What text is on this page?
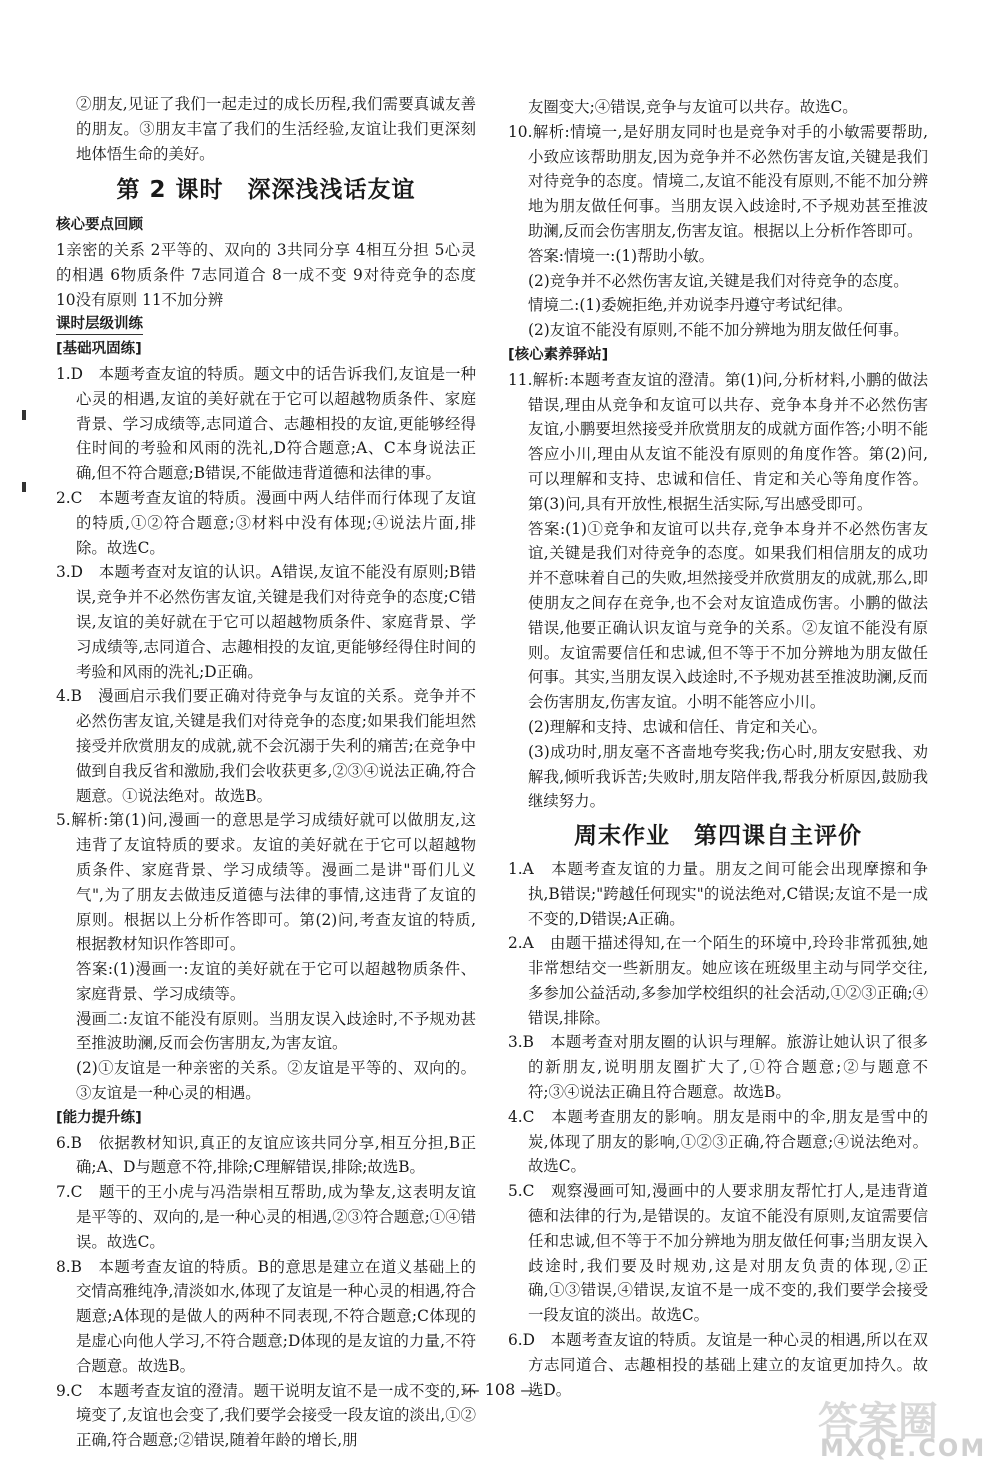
②朋友,见证了我们一起走过的成长历程,我们需要真诚友善的朋友。③朋友丰富了我们的生活经验,友谊让我们更深刻地体悟生命的美好。

第 2 课时　深深浅浅话友谊
核心要点回顾

1亲密的关系 2平等的、双向的 3共同分享 4相互分担 5心灵的相遇 6物质条件 7志同道合 8一成不变 9对待竞争的态度 10没有原则 11不加分辨

课时层级训练
[基础巩固练]

1.D　本题考查友谊的特质。题文中的话告诉我们,友谊是一种心灵的相遇,友谊的美好就在于它可以超越物质条件、家庭背景、学习成绩等,志同道合、志趣相投的友谊,更能够经得住时间的考验和风雨的洗礼,D符合题意;A、C本身说法正确,但不符合题意;B错误,不能做违背道德和法律的事。

2.C　本题考查友谊的特质。漫画中两人结伴而行体现了友谊的特质,①②符合题意;③材料中没有体现;④说法片面,排除。故选C。

3.D　本题考查对友谊的认识。A错误,友谊不能没有原则;B错误,竞争并不必然伤害友谊,关键是我们对待竞争的态度;C错误,友谊的美好就在于它可以超越物质条件、家庭背景、学习成绩等,志同道合、志趣相投的友谊,更能够经得住时间的考验和风雨的洗礼;D正确。

4.B　漫画启示我们要正确对待竞争与友谊的关系。竞争并不必然伤害友谊,关键是我们对待竞争的态度;如果我们能坦然接受并欣赏朋友的成就,就不会沉溺于失利的痛苦;在竞争中做到自我反省和激励,我们会收获更多,②③④说法正确,符合题意。①说法绝对。故选B。

5.解析:第(1)问,漫画一的意思是学习成绩好就可以做朋友,这违背了友谊特质的要求。友谊的美好就在于它可以超越物质条件、家庭背景、学习成绩等。漫画二是讲"哥们儿义气",为了朋友去做违反道德与法律的事情,这违背了友谊的原则。根据以上分析作答即可。第(2)问,考查友谊的特质,根据教材知识作答即可。

答案:(1)漫画一:友谊的美好就在于它可以超越物质条件、家庭背景、学习成绩等。

漫画二:友谊不能没有原则。当朋友误入歧途时,不予规劝甚至推波助澜,反而会伤害朋友,为害友谊。

(2)①友谊是一种亲密的关系。②友谊是平等的、双向的。③友谊是一种心灵的相遇。

[能力提升练]

6.B　依据教材知识,真正的友谊应该共同分享,相互分担,B正确;A、D与题意不符,排除;C理解错误,排除;故选B。

7.C　题干的王小虎与冯浩崇相互帮助,成为挚友,这表明友谊是平等的、双向的,是一种心灵的相遇,②③符合题意;①④错误。故选C。

8.B　本题考查友谊的特质。B的意思是建立在道义基础上的交情高雅纯净,清淡如水,体现了友谊是一种心灵的相遇,符合题意;A体现的是做人的两种不同表现,不符合题意;C体现的是虚心向他人学习,不符合题意;D体现的是友谊的力量,不符合题意。故选B。

9.C　本题考查友谊的澄清。题干说明友谊不是一成不变的,环境变了,友谊也会变了,我们要学会接受一段友谊的淡出,①②正确,符合题意;②错误,随着年龄的增长,朋

友圈变大;④错误,竞争与友谊可以共存。故选C。

10.解析:情境一,是好朋友同时也是竞争对手的小敏需要帮助,小致应该帮助朋友,因为竞争并不必然伤害友谊,关键是我们对待竞争的态度。情境二,友谊不能没有原则,不能不加分辨地为朋友做任何事。当朋友误入歧途时,不予规劝甚至推波助澜,反而会伤害朋友,伤害友谊。根据以上分析作答即可。

答案:情境一:(1)帮助小敏。

(2)竞争并不必然伤害友谊,关键是我们对待竞争的态度。

情境二:(1)委婉拒绝,并劝说李丹遵守考试纪律。

(2)友谊不能没有原则,不能不加分辨地为朋友做任何事。

[核心素养驿站]

11.解析:本题考查友谊的澄清。第(1)问,分析材料,小鹏的做法错误,理由从竞争和友谊可以共存、竞争本身并不必然伤害友谊,小鹏要坦然接受并欣赏朋友的成就方面作答;小明不能答应小川,理由从友谊不能没有原则的角度作答。第(2)问,可以理解和支持、忠诚和信任、肯定和关心等角度作答。第(3)问,具有开放性,根据生活实际,写出感受即可。

答案:(1)①竞争和友谊可以共存,竞争本身并不必然伤害友谊,关键是我们对待竞争的态度。如果我们相信朋友的成功并不意味着自己的失败,坦然接受并欣赏朋友的成就,那么,即使朋友之间存在竞争,也不会对友谊造成伤害。小鹏的做法错误,他要正确认识友谊与竞争的关系。②友谊不能没有原则。友谊需要信任和忠诚,但不等于不加分辨地为朋友做任何事。其实,当朋友误入歧途时,不予规劝甚至推波助澜,反而会伤害朋友,伤害友谊。小明不能答应小川。

(2)理解和支持、忠诚和信任、肯定和关心。

(3)成功时,朋友毫不吝啬地夸奖我;伤心时,朋友安慰我、劝解我,倾听我诉苦;失败时,朋友陪伴我,帮我分析原因,鼓励我继续努力。

周末作业　第四课自主评价

1.A　本题考查友谊的力量。朋友之间可能会出现摩擦和争执,B错误;"跨越任何现实"的说法绝对,C错误;友谊不是一成不变的,D错误;A正确。

2.A　由题干描述得知,在一个陌生的环境中,玲玲非常孤独,她非常想结交一些新朋友。她应该在班级里主动与同学交往,多参加公益活动,多参加学校组织的社会活动,①②③正确;④错误,排除。

3.B　本题考查对朋友圈的认识与理解。旅游让她认识了很多的新朋友,说明朋友圈扩大了,①符合题意;②与题意不符;③④说法正确且符合题意。故选B。

4.C　本题考查朋友的影响。朋友是雨中的伞,朋友是雪中的炭,体现了朋友的影响,①②③正确,符合题意;④说法绝对。故选C。

5.C　观察漫画可知,漫画中的人要求朋友帮忙打人,是违背道德和法律的行为,是错误的。友谊不能没有原则,友谊需要信任和忠诚,但不等于不加分辨地为朋友做任何事;当朋友误入歧途时,我们要及时规劝,这是对朋友负责的体现,②正确,①③错误,④错误,友谊不是一成不变的,我们要学会接受一段友谊的淡出。故选C。

6.D　本题考查友谊的特质。友谊是一种心灵的相遇,所以在双方志同道合、志趣相投的基础上建立的友谊更加持久。故选D。

— 108 —
答案圈
MXQE.COM
